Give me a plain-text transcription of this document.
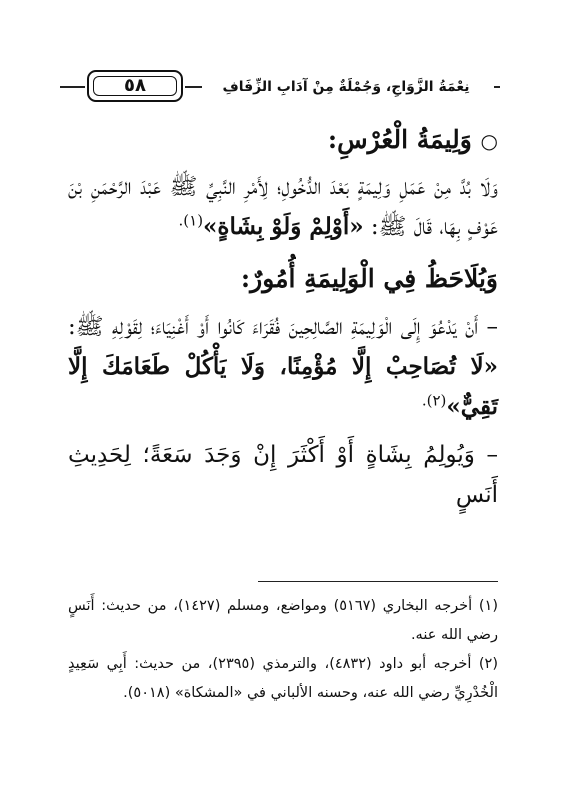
٥٨	نِعْمَةُ الزَّوَاجِ، وَجُمْلَةٌ مِنْ آدَابِ الزِّفَافِ

○ وَلِيمَةُ الْعُرْسِ:

وَلَا بُدَّ مِنْ عَمَلِ وَلِيمَةٍ بَعْدَ الدُّخُولِ؛ لِأَمْرِ النَّبِيِّ ﷺ عَبْدَ الرَّحْمَنِ بْنَ عَوْفٍ بِهَا، قَالَ ﷺ: «أَوْلِمْ وَلَوْ بِشَاةٍ»$^{(١).}$

وَيُلَاحَظُ فِي الْوَلِيمَةِ أُمُورٌ:

– أَنْ يَدْعُوَ إِلَى الْوَلِيمَةِ الصَّالِحِينَ فُقَرَاءَ كَانُوا أَوْ أَغْنِيَاءَ؛ لِقَوْلِهِ ﷺ: «لَا تُصَاحِبْ إِلَّا مُؤْمِنًا، وَلَا يَأْكُلْ طَعَامَكَ إِلَّا تَقِيٌّ»$^{(٢).}$

– وَيُولِمُ بِشَاةٍ أَوْ أَكْثَرَ إِنْ وَجَدَ سَعَةً؛ لِحَدِيثِ أَنَسٍ

(١) أخرجه البخاري (٥١٦٧) ومواضع، ومسلم (١٤٢٧)، من حديث: أَنَسٍ رضي الله عنه.

(٢) أخرجه أبو داود (٤٨٣٢)، والترمذي (٢٣٩٥)، من حديث: أَبِي سَعِيدٍ الْخُدْرِيِّ رضي الله عنه، وحسنه الألباني في «المشكاة» (٥٠١٨).
